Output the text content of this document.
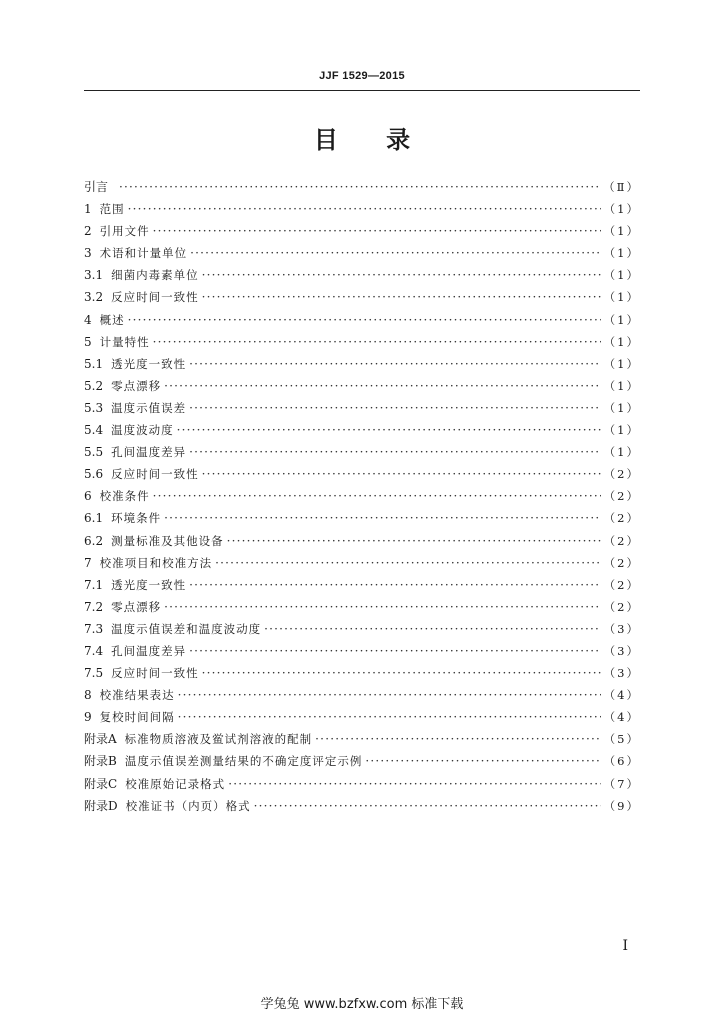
JJF 1529—2015
目 录
引言 ·····	（Ⅱ）
1 范围 ·····	（1）
2 引用文件 ·····	（1）
3 术语和计量单位 ·····	（1）
3.1 细菌内毒素单位 ·····	（1）
3.2 反应时间一致性 ·····	（1）
4 概述 ·····	（1）
5 计量特性 ·····	（1）
5.1 透光度一致性 ·····	（1）
5.2 零点漂移 ·····	（1）
5.3 温度示值误差 ·····	（1）
5.4 温度波动度 ·····	（1）
5.5 孔间温度差异 ·····	（1）
5.6 反应时间一致性 ·····	（2）
6 校准条件 ·····	（2）
6.1 环境条件 ·····	（2）
6.2 测量标准及其他设备 ·····	（2）
7 校准项目和校准方法 ·····	（2）
7.1 透光度一致性 ·····	（2）
7.2 零点漂移 ·····	（2）
7.3 温度示值误差和温度波动度 ·····	（3）
7.4 孔间温度差异 ·····	（3）
7.5 反应时间一致性 ·····	（3）
8 校准结果表达 ·····	（4）
9 复校时间间隔 ·····	（4）
附录A 标准物质溶液及鲎试剂溶液的配制 ·····	（5）
附录B 温度示值误差测量结果的不确定度评定示例 ·····	（6）
附录C 校准原始记录格式 ·····	（7）
附录D 校准证书（内页）格式 ·····	（9）
I
学兔兔 www.bzfxw.com 标准下载
